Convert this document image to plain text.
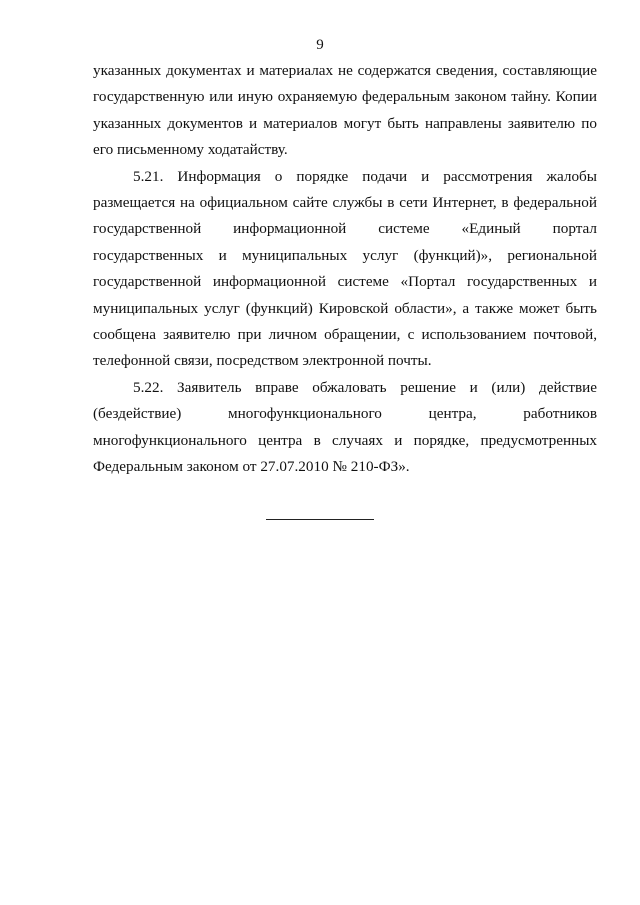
9

указанных документах и материалах не содержатся сведения, составляющие государственную или иную охраняемую федеральным законом тайну. Копии указанных документов и материалов могут быть направлены заявителю по его письменному ходатайству.

5.21. Информация о порядке подачи и рассмотрения жалобы размещается на официальном сайте службы в сети Интернет, в федеральной государственной информационной системе «Единый портал государственных и муниципальных услуг (функций)», региональной государственной информационной системе «Портал государственных и муниципальных услуг (функций) Кировской области», а также может быть сообщена заявителю при личном обращении, с использованием почтовой, телефонной связи, посредством электронной почты.

5.22. Заявитель вправе обжаловать решение и (или) действие (бездействие) многофункционального центра, работников многофункционального центра в случаях и порядке, предусмотренных Федеральным законом от 27.07.2010 № 210-ФЗ».
